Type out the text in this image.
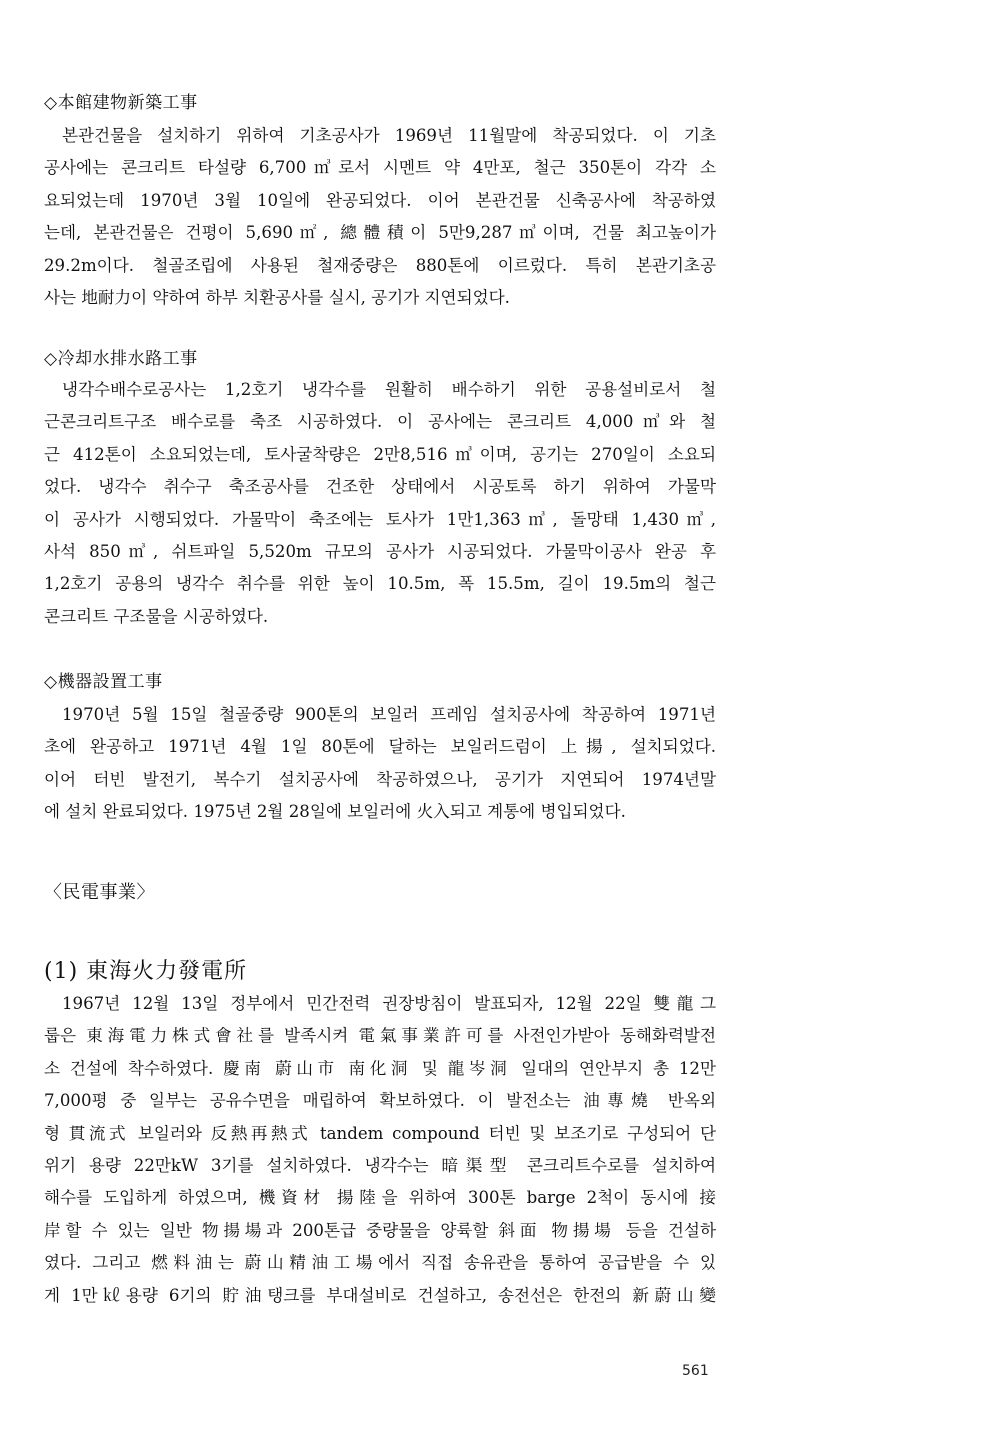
◇本館建物新築工事
본관건물을 설치하기 위하여 기초공사가 1969년 11월말에 착공되었다. 이 기초
공사에는 콘크리트 타설량 6,700㎥로서 시멘트 약 4만포, 철근 350톤이 각각 소
요되었는데 1970년 3월 10일에 완공되었다. 이어 본관건물 신축공사에 착공하였
는데, 본관건물은 건평이 5,690㎡, 總體積이 5만9,287㎥이며, 건물 최고높이가
29.2m이다. 철골조립에 사용된 철재중량은 880톤에 이르렀다. 특히 본관기초공
사는 地耐力이 약하여 하부 치환공사를 실시, 공기가 지연되었다.
◇冷却水排水路工事
냉각수배수로공사는 1,2호기 냉각수를 원활히 배수하기 위한 공용설비로서 철
근콘크리트구조 배수로를 축조 시공하였다. 이 공사에는 콘크리트 4,000㎥와 철
근 412톤이 소요되었는데, 토사굴착량은 2만8,516㎥이며, 공기는 270일이 소요되
었다. 냉각수 취수구 축조공사를 건조한 상태에서 시공토록 하기 위하여 가물막
이 공사가 시행되었다. 가물막이 축조에는 토사가 1만1,363㎥, 돌망태 1,430㎥,
사석 850㎥, 쉬트파일 5,520m 규모의 공사가 시공되었다. 가물막이공사 완공 후
1,2호기 공용의 냉각수 취수를 위한 높이 10.5m, 폭 15.5m, 길이 19.5m의 철근
콘크리트 구조물을 시공하였다.
◇機器設置工事
1970년 5월 15일 철골중량 900톤의 보일러 프레임 설치공사에 착공하여 1971년
초에 완공하고 1971년 4월 1일 80톤에 달하는 보일러드럼이 上揚, 설치되었다.
이어 터빈 발전기, 복수기 설치공사에 착공하였으나, 공기가 지연되어 1974년말
에 설치 완료되었다. 1975년 2월 28일에 보일러에 火入되고 계통에 병입되었다.
〈民電事業〉
(1) 東海火力發電所
1967년 12월 13일 정부에서 민간전력 권장방침이 발표되자, 12월 22일 雙龍그
룹은 東海電力株式會社를 발족시켜 電氣事業許可를 사전인가받아 동해화력발전
소 건설에 착수하였다. 慶南 蔚山市 南化洞 및 龍岑洞 일대의 연안부지 총 12만
7,000평 중 일부는 공유수면을 매립하여 확보하였다. 이 발전소는 油專燒 반옥외
형 貫流式 보일러와 反熱再熱式 tandem compound 터빈 및 보조기로 구성되어 단
위기 용량 22만kW 3기를 설치하였다. 냉각수는 暗渠型 콘크리트수로를 설치하여
해수를 도입하게 하였으며, 機資材 揚陸을 위하여 300톤 barge 2척이 동시에 接
岸할 수 있는 일반 物揚場과 200톤급 중량물을 양륙할 斜面 物揚場 등을 건설하
였다. 그리고 燃料油는 蔚山精油工場에서 직접 송유관을 통하여 공급받을 수 있
게 1만㎘용량 6기의 貯油탱크를 부대설비로 건설하고, 송전선은 한전의 新蔚山變
561
